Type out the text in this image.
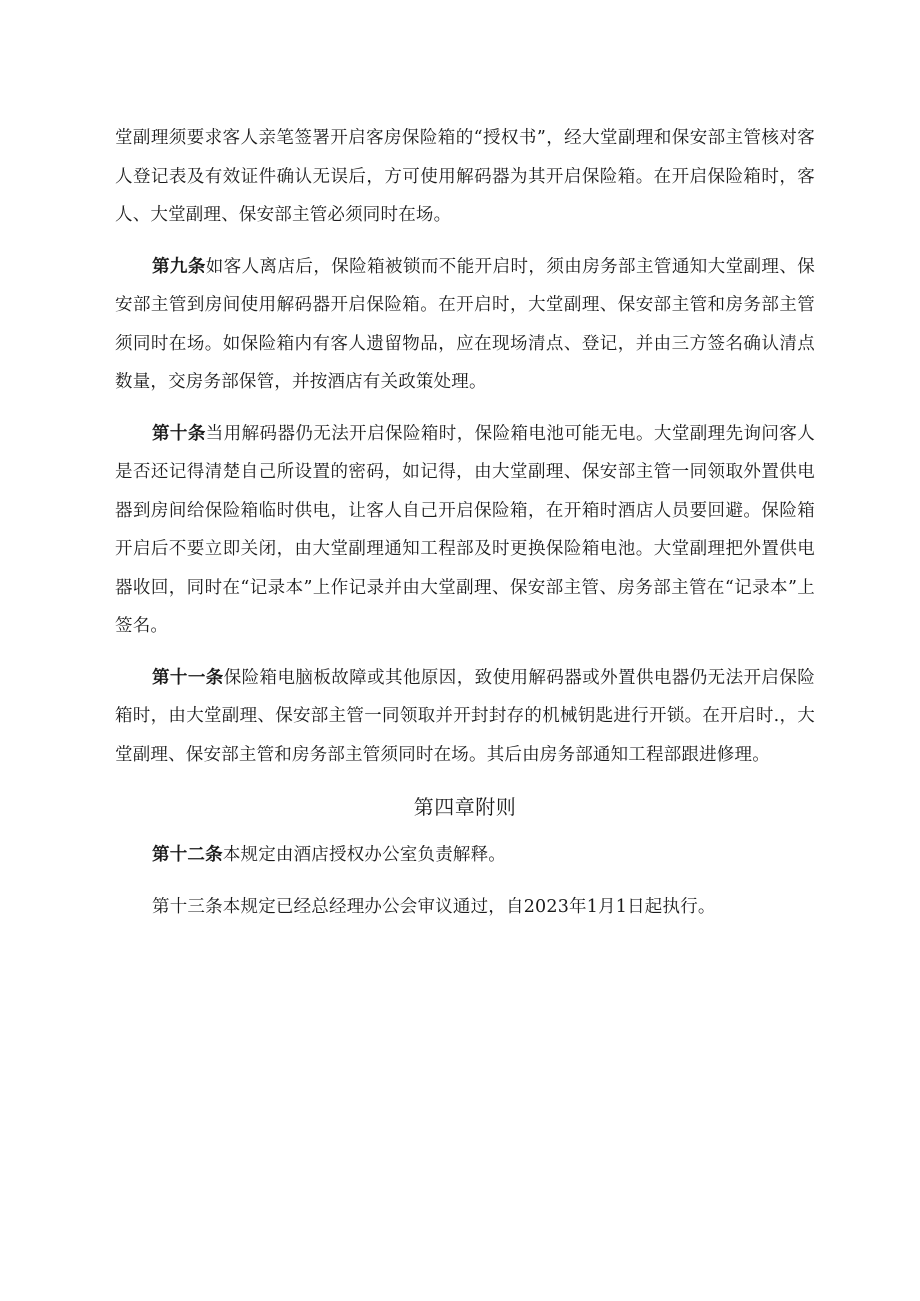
堂副理须要求客人亲笔签署开启客房保险箱的“授权书”，经大堂副理和保安部主管核对客人登记表及有效证件确认无误后，方可使用解码器为其开启保险箱。在开启保险箱时，客人、大堂副理、保安部主管必须同时在场。

第九条如客人离店后，保险箱被锁而不能开启时，须由房务部主管通知大堂副理、保安部主管到房间使用解码器开启保险箱。在开启时，大堂副理、保安部主管和房务部主管须同时在场。如保险箱内有客人遗留物品，应在现场清点、登记，并由三方签名确认清点数量，交房务部保管，并按酒店有关政策处理。

第十条当用解码器仍无法开启保险箱时，保险箱电池可能无电。大堂副理先询问客人是否还记得清楚自己所设置的密码，如记得，由大堂副理、保安部主管一同领取外置供电器到房间给保险箱临时供电，让客人自己开启保险箱，在开箱时酒店人员要回避。保险箱开启后不要立即关闭，由大堂副理通知工程部及时更换保险箱电池。大堂副理把外置供电器收回，同时在“记录本”上作记录并由大堂副理、保安部主管、房务部主管在“记录本”上签名。

第十一条保险箱电脑板故障或其他原因，致使用解码器或外置供电器仍无法开启保险箱时，由大堂副理、保安部主管一同领取并开封封存的机械钥匙进行开锁。在开启时.，大堂副理、保安部主管和房务部主管须同时在场。其后由房务部通知工程部跟进修理。

第四章附则

第十二条本规定由酒店授权办公室负责解释。

第十三条本规定已经总经理办公会审议通过，自2023年1月1日起执行。
